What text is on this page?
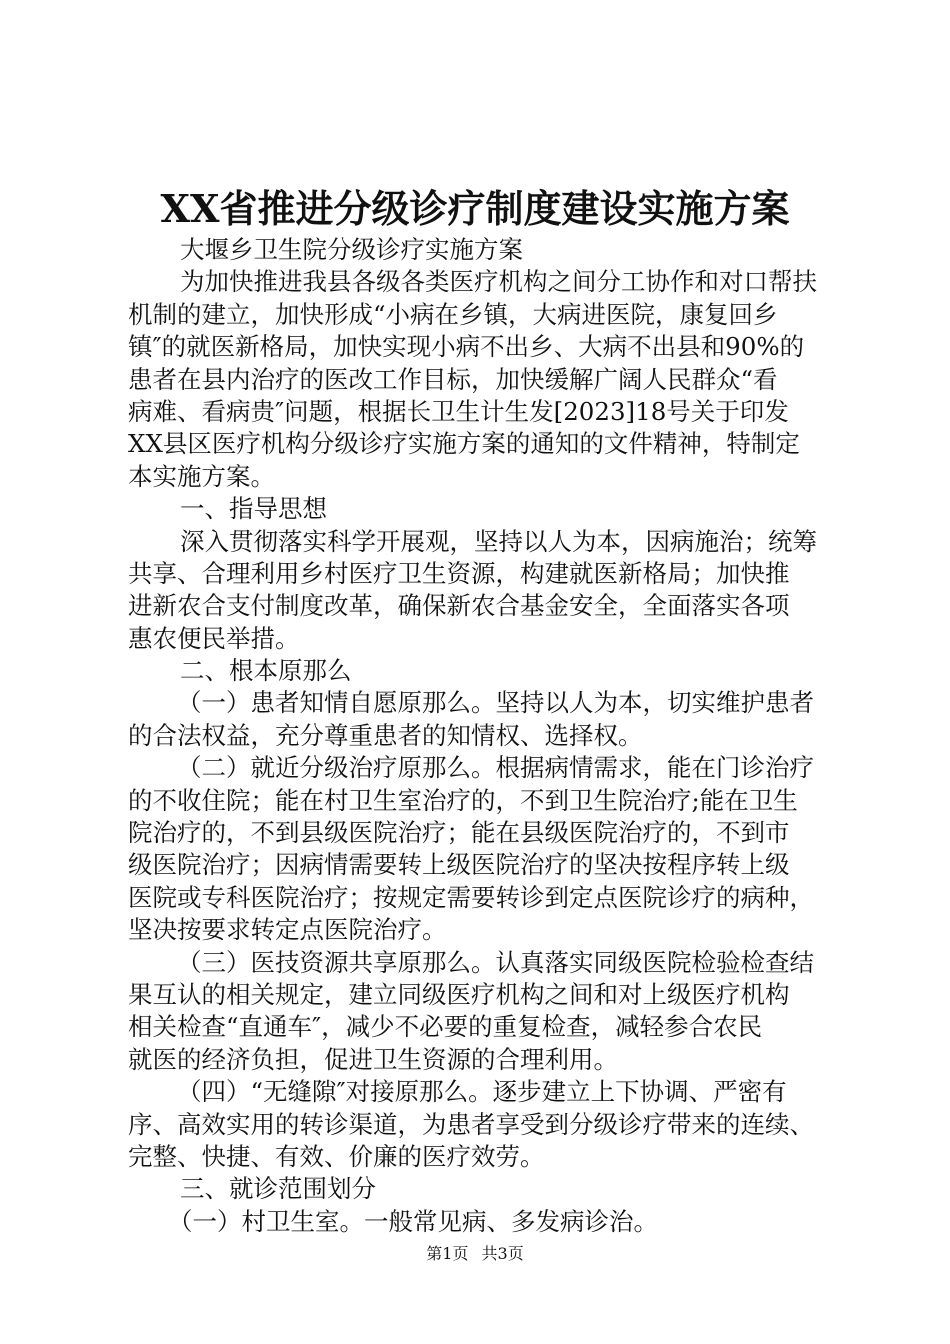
XX省推进分级诊疗制度建设实施方案
大堰乡卫生院分级诊疗实施方案
为加快推进我县各级各类医疗机构之间分工协作和对口帮扶
机制的建立，加快形成“小病在乡镇，大病进医院，康复回乡
镇″的就医新格局，加快实现小病不出乡、大病不出县和90%的
患者在县内治疗的医改工作目标，加快缓解广阔人民群众“看
病难、看病贵″问题，根据长卫生计生发[2023]18号关于印发
XX县区医疗机构分级诊疗实施方案的通知的文件精神，特制定
本实施方案。
一、指导思想
深入贯彻落实科学开展观，坚持以人为本，因病施治；统筹
共享、合理利用乡村医疗卫生资源，构建就医新格局；加快推
进新农合支付制度改革，确保新农合基金安全，全面落实各项
惠农便民举措。
二、根本原那么
（一）患者知情自愿原那么。坚持以人为本，切实维护患者
的合法权益，充分尊重患者的知情权、选择权。
（二）就近分级治疗原那么。根据病情需求，能在门诊治疗
的不收住院；能在村卫生室治疗的，不到卫生院治疗;能在卫生
院治疗的，不到县级医院治疗；能在县级医院治疗的，不到市
级医院治疗；因病情需要转上级医院治疗的坚决按程序转上级
医院或专科医院治疗；按规定需要转诊到定点医院诊疗的病种，
坚决按要求转定点医院治疗。
（三）医技资源共享原那么。认真落实同级医院检验检查结
果互认的相关规定，建立同级医疗机构之间和对上级医疗机构
相关检查“直通车″，减少不必要的重复检查，减轻参合农民
就医的经济负担，促进卫生资源的合理利用。
（四）“无缝隙″对接原那么。逐步建立上下协调、严密有
序、高效实用的转诊渠道，为患者享受到分级诊疗带来的连续、
完整、快捷、有效、价廉的医疗效劳。
三、就诊范围划分
（一）村卫生室。一般常见病、多发病诊治。
第1页 共3页
